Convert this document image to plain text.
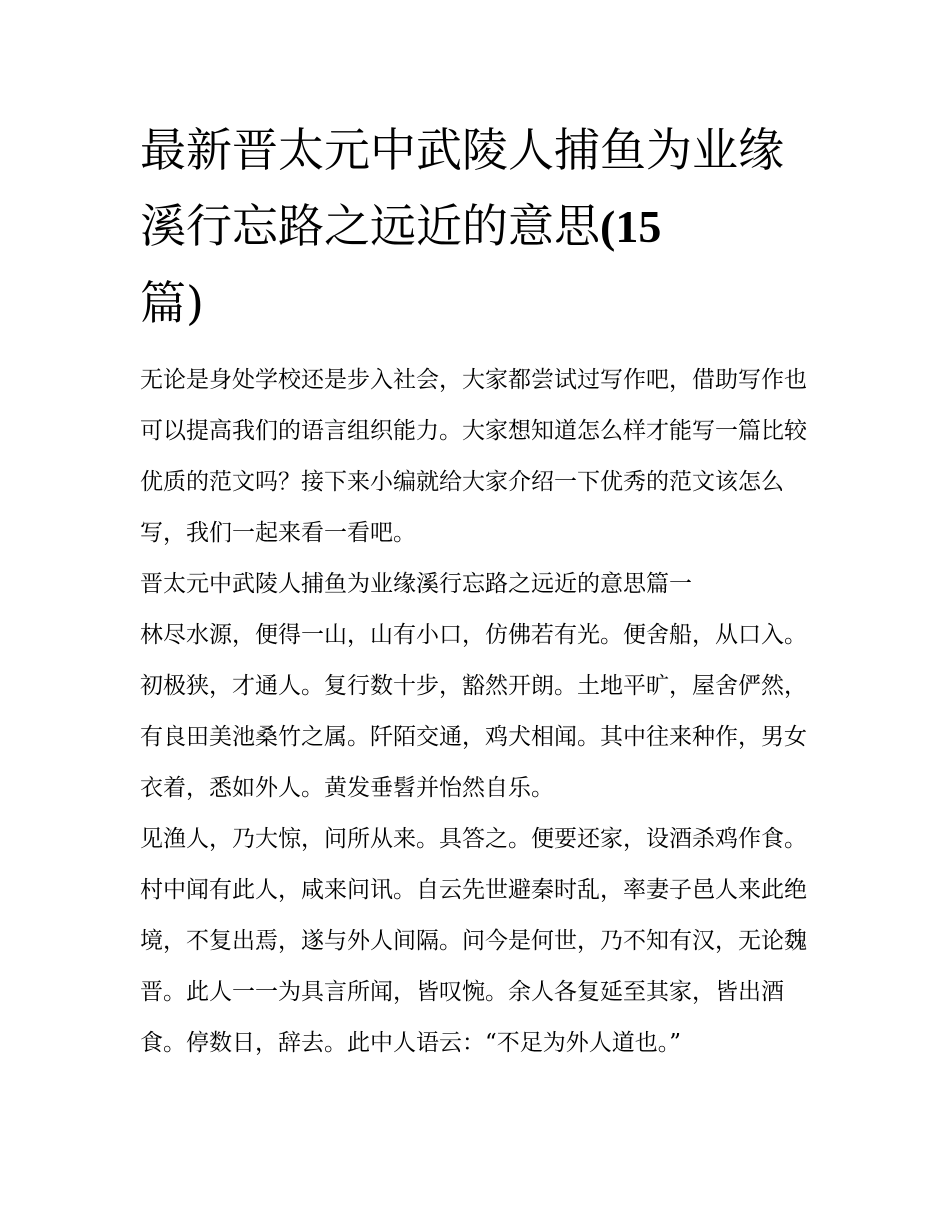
最新晋太元中武陵人捕鱼为业缘溪行忘路之远近的意思(15
篇)

无论是身处学校还是步入社会，大家都尝试过写作吧，借助写作也可以提高我们的语言组织能力。大家想知道怎么样才能写一篇比较优质的范文吗？接下来小编就给大家介绍一下优秀的范文该怎么写，我们一起来看一看吧。

晋太元中武陵人捕鱼为业缘溪行忘路之远近的意思篇一

林尽水源，便得一山，山有小口，仿佛若有光。便舍船，从口入。初极狭，才通人。复行数十步，豁然开朗。土地平旷，屋舍俨然，有良田美池桑竹之属。阡陌交通，鸡犬相闻。其中往来种作，男女衣着，悉如外人。黄发垂髫并怡然自乐。

见渔人，乃大惊，问所从来。具答之。便要还家，设酒杀鸡作食。村中闻有此人，咸来问讯。自云先世避秦时乱，率妻子邑人来此绝境，不复出焉，遂与外人间隔。问今是何世，乃不知有汉，无论魏晋。此人一一为具言所闻，皆叹惋。余人各复延至其家，皆出酒食。停数日，辞去。此中人语云：“不足为外人道也。”
